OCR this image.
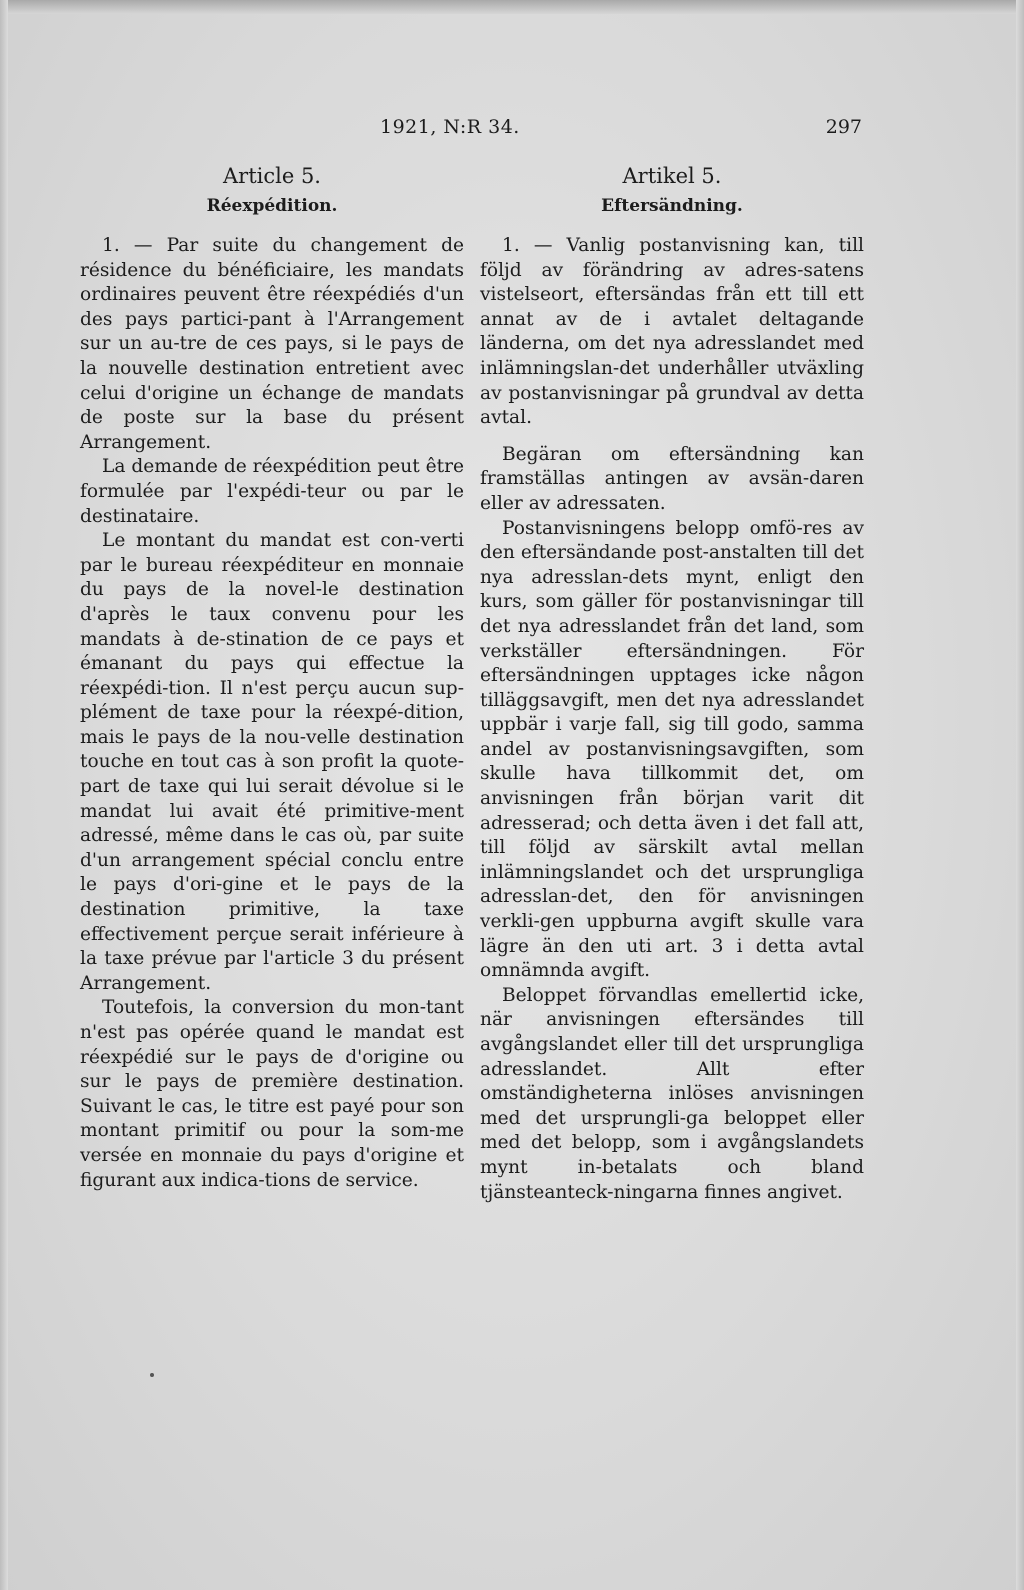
1921, N:R 34.	297

Article 5.

Réexpédition.

1. — Par suite du changement de résidence du bénéficiaire, les mandats ordinaires peuvent être réexpédiés d'un des pays partici-pant à l'Arrangement sur un au-tre de ces pays, si le pays de la nouvelle destination entretient avec celui d'origine un échange de mandats de poste sur la base du présent Arrangement.

La demande de réexpédition peut être formulée par l'expédi-teur ou par le destinataire.

Le montant du mandat est con-verti par le bureau réexpéditeur en monnaie du pays de la novel-le destination d'après le taux convenu pour les mandats à de-stination de ce pays et émanant du pays qui effectue la réexpédi-tion. Il n'est perçu aucun sup-plément de taxe pour la réexpé-dition, mais le pays de la nou-velle destination touche en tout cas à son profit la quote-part de taxe qui lui serait dévolue si le mandat lui avait été primitive-ment adressé, même dans le cas où, par suite d'un arrangement spécial conclu entre le pays d'ori-gine et le pays de la destination primitive, la taxe effectivement perçue serait inférieure à la taxe prévue par l'article 3 du présent Arrangement.

Toutefois, la conversion du mon-tant n'est pas opérée quand le mandat est réexpédié sur le pays de d'origine ou sur le pays de première destination. Suivant le cas, le titre est payé pour son montant primitif ou pour la som-me versée en monnaie du pays d'origine et figurant aux indica-tions de service.

Artikel 5.

Eftersändning.

1. — Vanlig postanvisning kan, till följd av förändring av adres-satens vistelseort, eftersändas från ett till ett annat av de i avtalet deltagande länderna, om det nya adresslandet med inlämningslan-det underhåller utväxling av postanvisningar på grundval av detta avtal.

Begäran om eftersändning kan framställas antingen av avsän-daren eller av adressaten.

Postanvisningens belopp omfö-res av den eftersändande post-anstalten till det nya adresslan-dets mynt, enligt den kurs, som gäller för postanvisningar till det nya adresslandet från det land, som verkställer eftersändningen. För eftersändningen upptages icke någon tilläggsavgift, men det nya adresslandet uppbär i varje fall, sig till godo, samma andel av postanvisningsavgiften, som skulle hava tillkommit det, om anvisningen från början varit dit adresserad; och detta även i det fall att, till följd av särskilt avtal mellan inlämningslandet och det ursprungliga adresslan-det, den för anvisningen verkli-gen uppburna avgift skulle vara lägre än den uti art. 3 i detta avtal omnämnda avgift.

Beloppet förvandlas emellertid icke, när anvisningen eftersändes till avgångslandet eller till det ursprungliga adresslandet. Allt efter omständigheterna inlöses anvisningen med det ursprungli-ga beloppet eller med det belopp, som i avgångslandets mynt in-betalats och bland tjänsteanteck-ningarna finnes angivet.
